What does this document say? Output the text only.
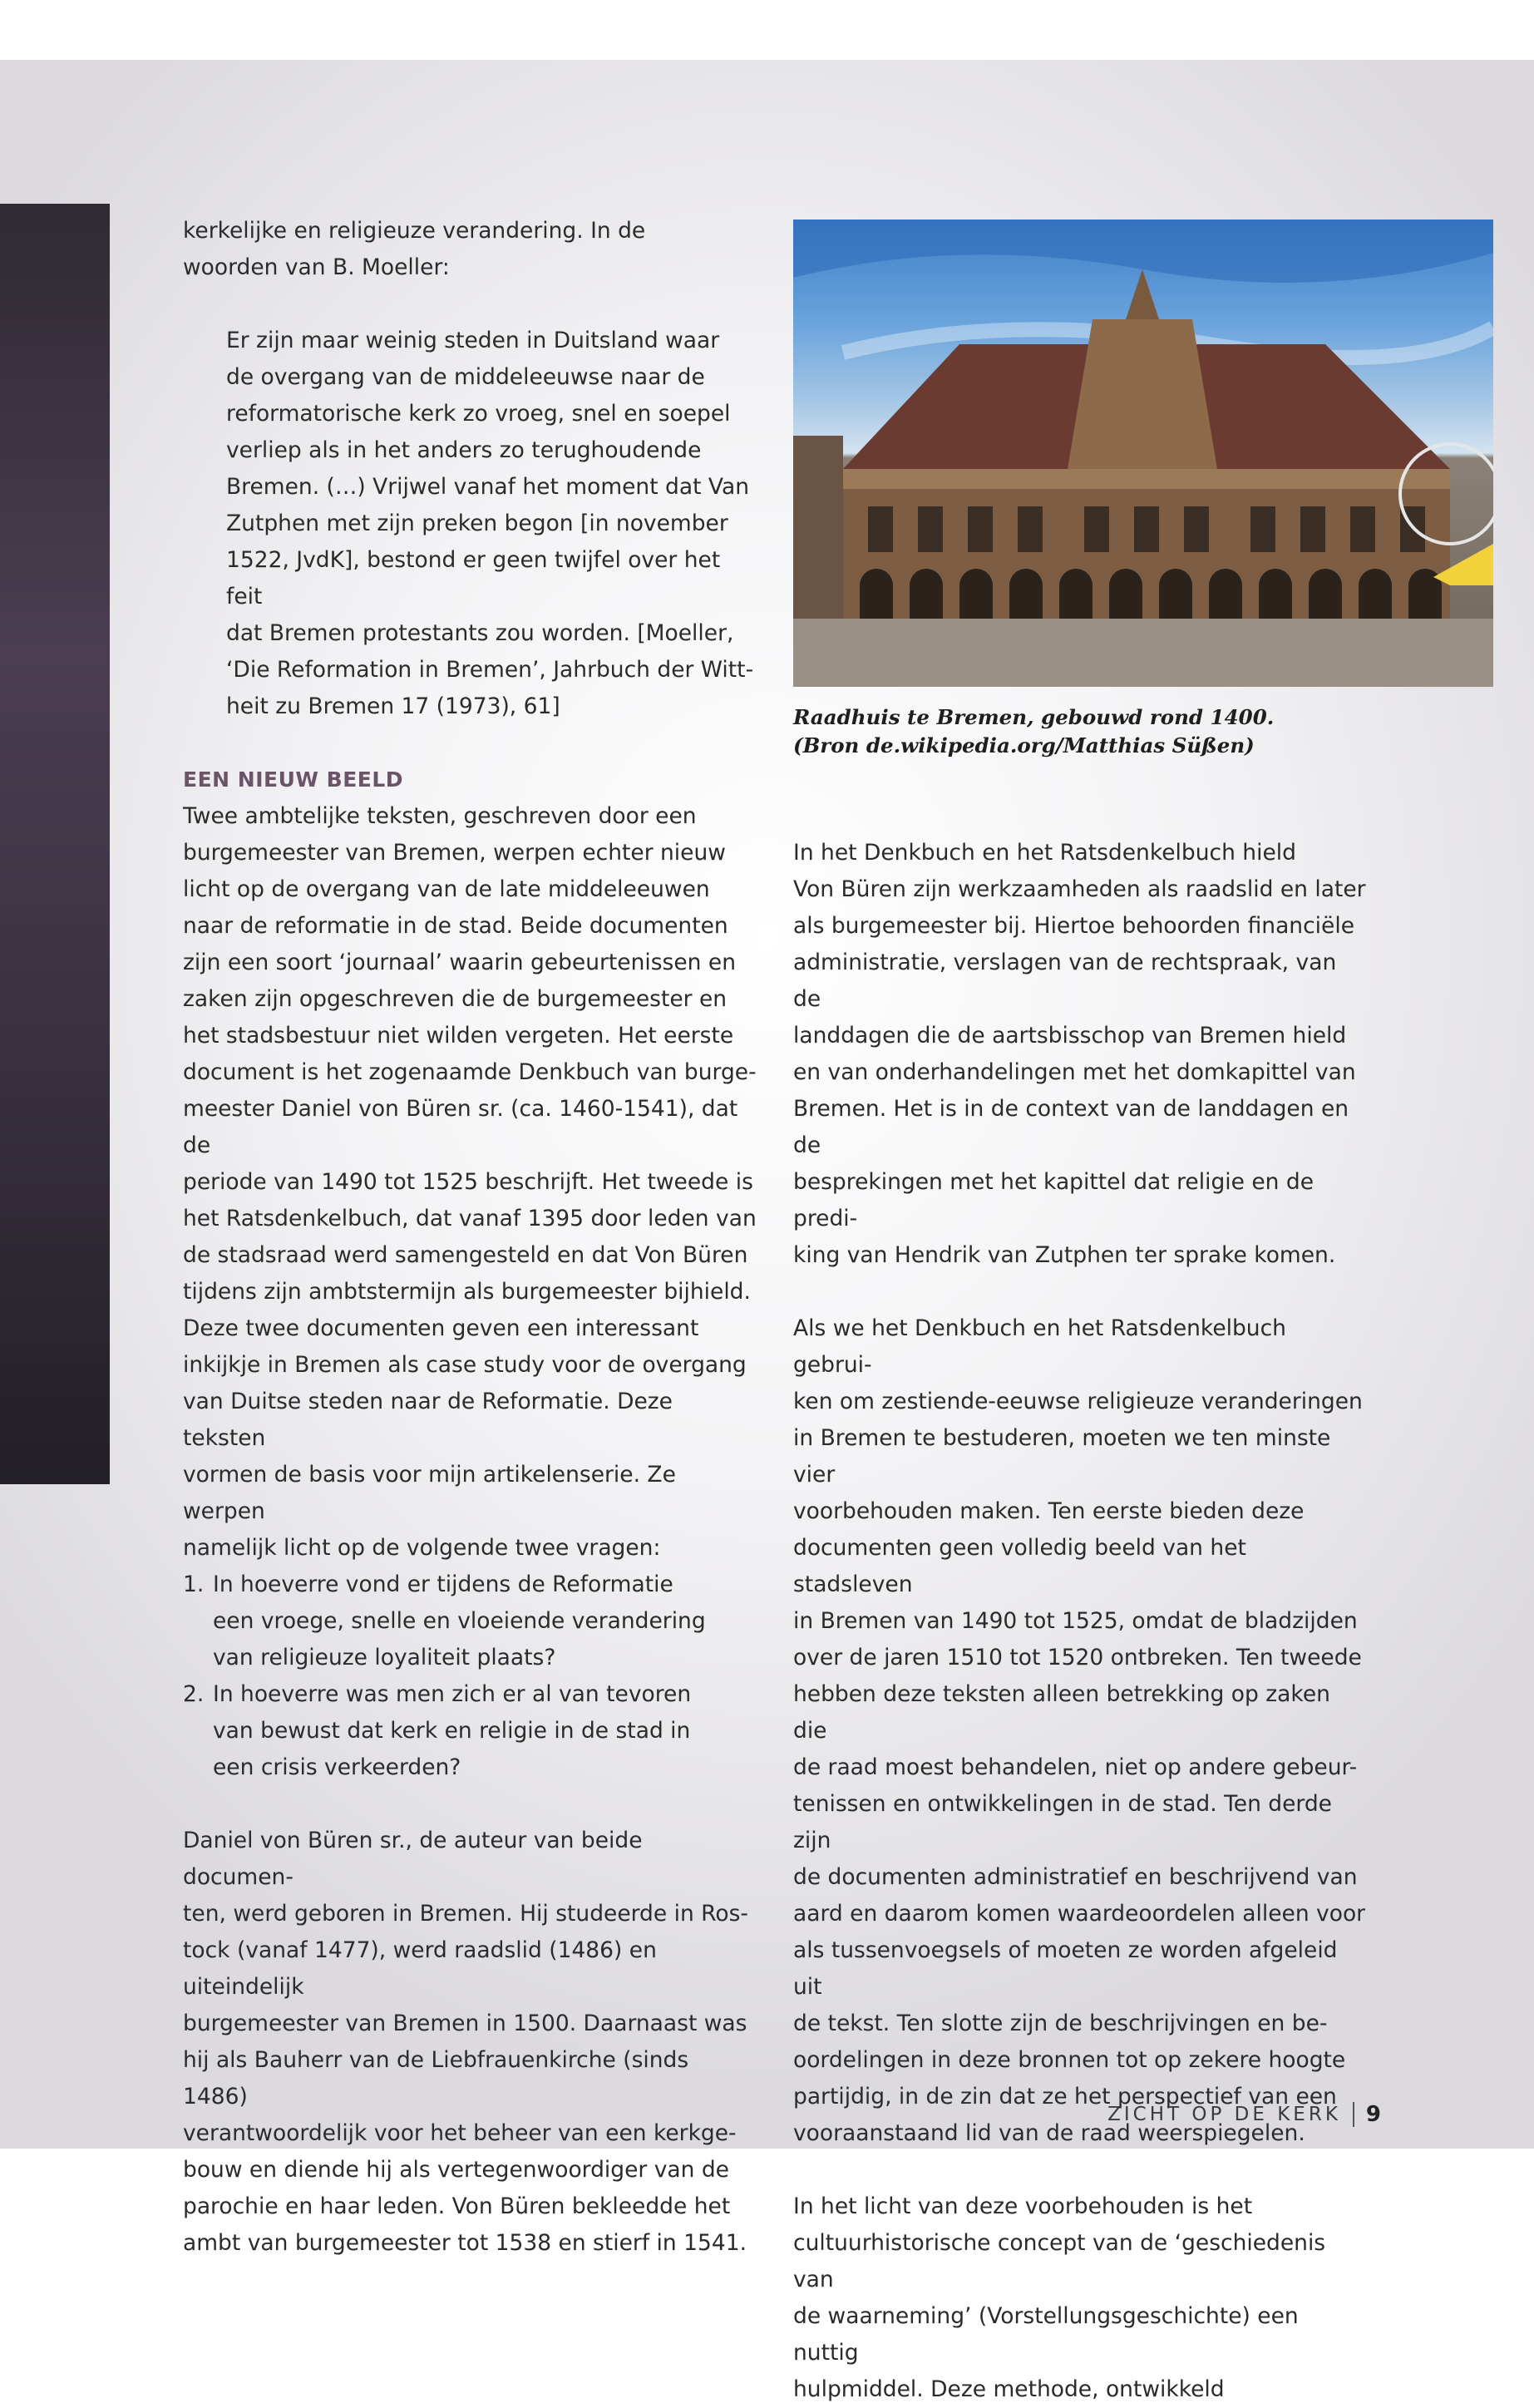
kerkelijke en religieuze verandering. In de

woorden van B. Moeller:

Er zijn maar weinig steden in Duitsland waar

de overgang van de middeleeuwse naar de

reformatorische kerk zo vroeg, snel en soepel

verliep als in het anders zo terughoudende

Bremen. (…) Vrijwel vanaf het moment dat Van

Zutphen met zijn preken begon [in november

1522, JvdK], bestond er geen twijfel over het feit

dat Bremen protestants zou worden. [Moeller,

‘Die Reformation in Bremen’, Jahrbuch der Witt-

heit zu Bremen 17 (1973), 61]

EEN NIEUW BEELD

Twee ambtelijke teksten, geschreven door een

burgemeester van Bremen, werpen echter nieuw

licht op de overgang van de late middeleeuwen

naar de reformatie in de stad. Beide documenten

zijn een soort ‘journaal’ waarin gebeurtenissen en

zaken zijn opgeschreven die de burgemeester en

het stadsbestuur niet wilden vergeten. Het eerste

document is het zogenaamde Denkbuch van burge-

meester Daniel von Büren sr. (ca. 1460-1541), dat de

periode van 1490 tot 1525 beschrijft. Het tweede is

het Ratsdenkelbuch, dat vanaf 1395 door leden van

de stadsraad werd samengesteld en dat Von Büren

tijdens zijn ambtstermijn als burgemeester bijhield.

Deze twee documenten geven een interessant

inkijkje in Bremen als case study voor de overgang

van Duitse steden naar de Reformatie. Deze teksten

vormen de basis voor mijn artikelenserie. Ze werpen

namelijk licht op de volgende twee vragen:

1. In hoeverre vond er tijdens de Reformatie

een vroege, snelle en vloeiende verandering

van religieuze loyaliteit plaats?

2. In hoeverre was men zich er al van tevoren

van bewust dat kerk en religie in de stad in

een crisis verkeerden?

Daniel von Büren sr., de auteur van beide documen-

ten, werd geboren in Bremen. Hij studeerde in Ros-

tock (vanaf 1477), werd raadslid (1486) en uiteindelijk

burgemeester van Bremen in 1500. Daarnaast was

hij als Bauherr van de Liebfrauenkirche (sinds 1486)

verantwoordelijk voor het beheer van een kerkge-

bouw en diende hij als vertegenwoordiger van de

parochie en haar leden. Von Büren bekleedde het

ambt van burgemeester tot 1538 en stierf in 1541.

Raadhuis te Bremen, gebouwd rond 1400.

(Bron de.wikipedia.org/Matthias Süßen)

In het Denkbuch en het Ratsdenkelbuch hield

Von Büren zijn werkzaamheden als raadslid en later

als burgemeester bij. Hiertoe behoorden financiële

administratie, verslagen van de rechtspraak, van de

landdagen die de aartsbisschop van Bremen hield

en van onderhandelingen met het domkapittel van

Bremen. Het is in de context van de landdagen en de

besprekingen met het kapittel dat religie en de predi-

king van Hendrik van Zutphen ter sprake komen.

Als we het Denkbuch en het Ratsdenkelbuch gebrui-

ken om zestiende-eeuwse religieuze veranderingen

in Bremen te bestuderen, moeten we ten minste vier

voorbehouden maken. Ten eerste bieden deze

documenten geen volledig beeld van het stadsleven

in Bremen van 1490 tot 1525, omdat de bladzijden

over de jaren 1510 tot 1520 ontbreken. Ten tweede

hebben deze teksten alleen betrekking op zaken die

de raad moest behandelen, niet op andere gebeur-

tenissen en ontwikkelingen in de stad. Ten derde zijn

de documenten administratief en beschrijvend van

aard en daarom komen waardeoordelen alleen voor

als tussenvoegsels of moeten ze worden afgeleid uit

de tekst. Ten slotte zijn de beschrijvingen en be-

oordelingen in deze bronnen tot op zekere hoogte

partijdig, in de zin dat ze het perspectief van een

vooraanstaand lid van de raad weerspiegelen.

In het licht van deze voorbehouden is het

cultuurhistorische concept van de ‘geschiedenis van

de waarneming’ (Vorstellungsgeschichte) een nuttig

hulpmiddel. Deze methode, ontwikkeld

ZICHT OP DE KERK 9
